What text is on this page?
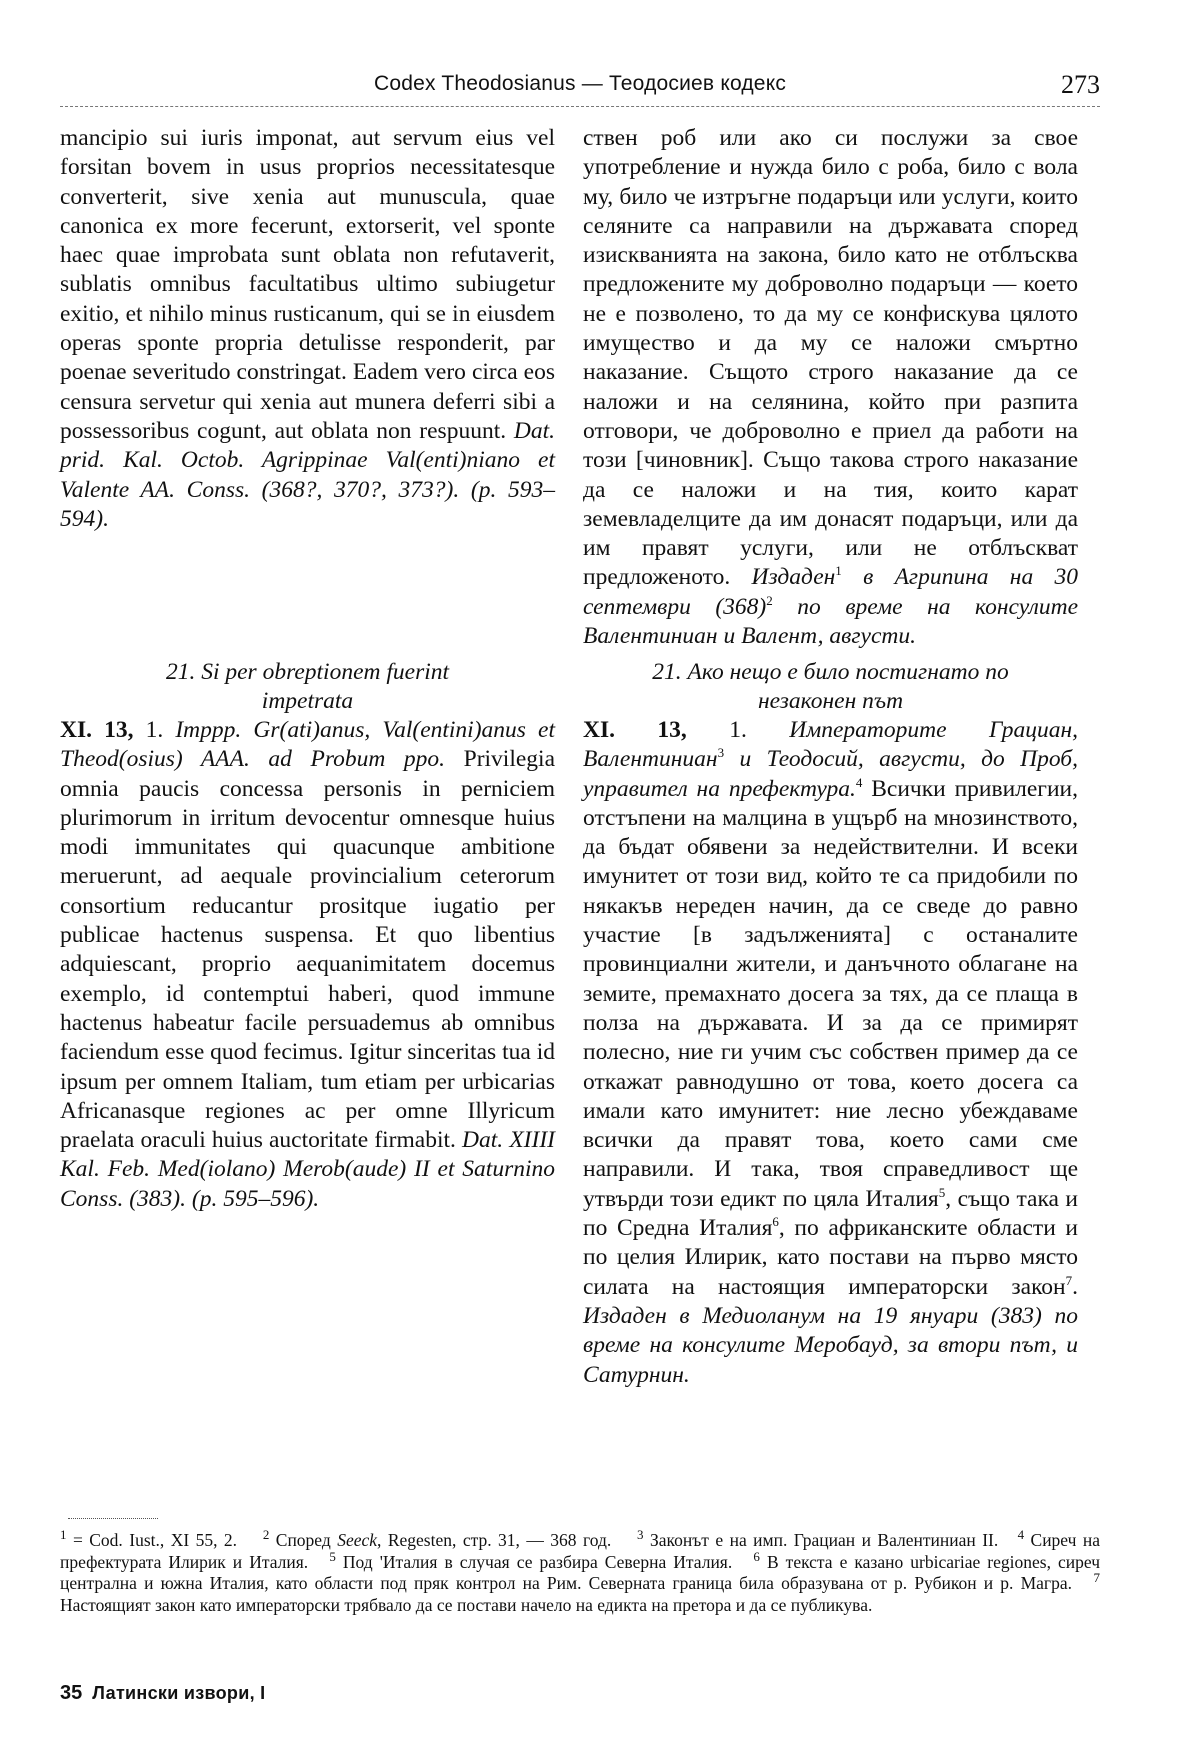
Codex Theodosianus — Теодосиев кодекс	273

mancipio sui iuris imponat, aut servum eius vel forsitan bovem in usus proprios necessitatesque converterit, sive xenia aut munuscula, quae canonica ex more fecerunt, extorserit, vel sponte haec quae improbata sunt oblata non refutaverit, sublatis omnibus facultatibus ultimo subiugetur exitio, et nihilo minus rusticanum, qui se in eiusdem operas sponte propria detulisse responderit, par poenae severitudo constringat. Eadem vero circa eos censura servetur qui xenia aut munera deferri sibi a possessoribus cogunt, aut oblata non respuunt. Dat. prid. Kal. Octob. Agrippinae Val(enti)niano et Valente AA. Conss. (368?, 370?, 373?). (p. 593–594).

21. Si per obreptionem fuerint
impetrata

XI. 13, 1. Imppp. Gr(ati)anus, Val(entini)anus et Theod(osius) AAA. ad Probum ppo. Privilegia omnia paucis concessa personis in perniciem plurimorum in irritum devocentur omnesque huius modi immunitates qui quacunque ambitione meruerunt, ad aequale provincialium ceterorum consortium reducantur prositque iugatio per publicae hactenus suspensa. Et quo libentius adquiescant, proprio aequanimitatem docemus exemplo, id contemptui haberi, quod immune hactenus habeatur facile persuademus ab omnibus faciendum esse quod fecimus. Igitur sinceritas tua id ipsum per omnem Italiam, tum etiam per urbicarias Africanasque regiones ac per omne Illyricum praelata oraculi huius auctoritate firmabit. Dat. XIIII Kal. Feb. Med(iolano) Merob(aude) II et Saturnino Conss. (383). (p. 595–596).

ствен роб или ако си послужи за свое употребление и нужда било с роба, било с вола му, било че изтръгне подаръци или услуги, които селяните са направили на държавата според изискванията на закона, било като не отблъсква предложените му доброволно подаръци — което не е позволено, то да му се конфискува цялото имущество и да му се наложи смъртно наказание. Същото строго наказание да се наложи и на селянина, който при разпита отговори, че доброволно е приел да работи на този [чиновник]. Също такова строго наказание да се наложи и на тия, които карат земевладелците да им донасят подаръци, или да им правят услуги, или не отблъскват предложеното. Издаден$^1$ в Агрипина на 30 септември $(368)^2$ по време на консулите Валентиниан и Валент, августи.

21. Ако нещо е било постигнато по
незаконен път

XI. 13, 1. Императорите Грациан, Валентиниан$^3$ и Теодосий, августи, до Проб, управител на префектура.$^4$ Всички привилегии, отстъпени на малцина в ущърб на мнозинството, да бъдат обявени за недействителни. И всеки имунитет от този вид, който те са придобили по някакъв нереден начин, да се сведе до равно участие [в задълженията] с останалите провинциални жители, и данъчното облагане на земите, премахнато досега за тях, да се плаща в полза на държавата. И за да се примирят полесно, ние ги учим със собствен пример да се откажат равнодушно от това, което досега са имали като имунитет: ние лесно убеждаваме всички да правят това, което сами сме направили. И така, твоя справедливост ще утвърди този едикт по цяла Италия$^5$, също така и по Средна Италия$^6$, по африканските области и по целия Илирик, като постави на първо място силата на настоящия императорски закон$^7$. Издаден в Медиоланум на 19 януари (383) по време на консулите Меробауд, за втори път, и Сатурнин.

$^1$ = Cod. Iust., XI 55, 2. $^2$ Според Seeck, Regesten, стр. 31, — 368 год. $^3$ Законът е на имп. Грациан и Валентиниан II. $^4$ Сиреч на префектурата Илирик и Италия. $^5$ Под 'Италия в случая се разбира Северна Италия. $^6$ В текста е казано urbicariae regiones, сиреч централна и южна Италия, като области под пряк контрол на Рим. Северната граница била образувана от р. Рубикон и р. Магра. $^7$ Настоящият закон като императорски трябвало да се постави начело на едикта на претора и да се публикува.

35 Латински извори, I
